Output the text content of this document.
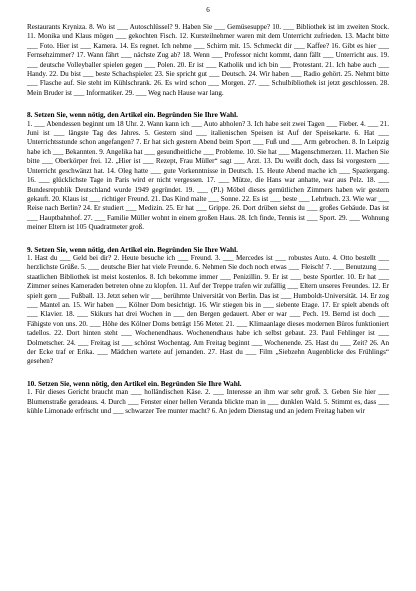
6

Restaurants Kryniza. 8. Wo ist ___ Autoschlüssel? 9. Haben Sie ___ Gemüsesuppe? 10. ___ Bibliothek ist im zweiten Stock. 11. Monika und Klaus mögen ___ gekochten Fisch. 12. Kursteilnehmer waren mit dem Unterricht zufrieden. 13. Macht bitte ___ Foto. Hier ist ___ Kamera. 14. Es regnet. Ich nehme ___ Schirm mit. 15. Schmeckt dir ___ Kaffee? 16. Gibt es hier ___ Fernsehzimmer? 17. Wann fährt ___ nächste Zug ab? 18. Wenn ___ Professor nicht kommt, dann fällt ___ Unterricht aus. 19. ___ deutsche Volleyballer spielen gegen ___ Polen. 20. Er ist ___ Katholik und ich bin ___ Protestant. 21. Ich habe auch ___ Handy. 22. Du bist ___ beste Schachspieler. 23. Sie spricht gut ___ Deutsch. 24. Wir haben ___ Radio gehört. 25. Nehmt bitte ___ Flasche auf. Sie steht im Kühlschrank. 26. Es wird schon ___ Morgen. 27. ___ Schulbibliothek ist jetzt geschlossen. 28. Mein Bruder ist ___ Informatiker. 29. ___ Weg nach Hause war lang.

8. Setzen Sie, wenn nötig, den Artikel ein. Begründen Sie Ihre Wahl.

1. ___ Abendessen beginnt um 18 Uhr. 2. Wann kann ich ___ Auto abholen? 3. Ich habe seit zwei Tagen ___ Fieber. 4. ___ 21. Juni ist ___ längste Tag des Jahres. 5. Gestern sind ___ italienischen Speisen ist Auf der Speisekarte. 6. Hat ___ Unterrichtsstunde schon angefangen? 7. Er hat sich gestern Abend beim Sport ___ Fuß und ___ Arm gebrochen. 8. In Leipzig habe ich ___ Bekannten. 9. Angelika hat ___ gesundheitliche ___ Probleme. 10. Sie hat ___ Magenschmerzen. 11. Machen Sie bitte ___ Oberkörper frei. 12. „Hier ist ___ Rezept, Frau Müller“ sagt ___ Arzt. 13. Du weißt doch, dass Isi vorgestern ___ Unterricht geschwänzt hat. 14. Oleg hatte ___ gute Vorkenntnisse in Deutsch. 15. Heute Abend mache ich ___ Spaziergang. 16. ___ glücklichste Tage in Paris wird er nicht vergessen. 17. ___ Mütze, die Hans war anhatte, war aus Pelz. 18. ___ Bundesrepublik Deutschland wurde 1949 gegründet. 19. ___ (Pl.) Möbel dieses gemütlichen Zimmers haben wir gestern gekauft. 20. Klaus ist ___ richtiger Freund. 21. Das Kind malte ___ Sonne. 22. Es ist ___ beste ___ Lehrbuch. 23. Wie war ___ Reise nach Berlin? 24. Er studiert ___ Medizin. 25. Er hat ___ Grippe. 26. Dort drüben siehst du ___ großes Gebäude. Das ist ___ Hauptbahnhof. 27. ___ Familie Müller wohnt in einem großen Haus. 28. Ich finde, Tennis ist ___ Sport. 29. ___ Wohnung meiner Eltern ist 105 Quadratmeter groß.

9. Setzen Sie, wenn nötig, den Artikel ein. Begründen Sie Ihre Wahl.

1. Hast du ___ Geld bei dir? 2. Heute besuche ich ___ Freund. 3. ___ Mercedes ist ___ robustes Auto. 4. Otto bestellt ___ herzlichste Grüße. 5. ___ deutsche Bier hat viele Freunde. 6. Nehmen Sie doch noch etwas ___ Fleisch! 7. ___ Benutzung ___ staatlichen Bibliothek ist meist kostenlos. 8. Ich bekomme immer ___ Penizillin. 9. Er ist ___ beste Sportler. 10. Er hat ___ Zimmer seines Kameraden betreten ohne zu klopfen. 11. Auf der Treppe trafen wir zufällig ___ Eltern unseres Freundes. 12. Er spielt gern ___ Fußball. 13. Jetzt sehen wir ___ berühmte Universität von Berlin. Das ist ___ Humboldt-Universität. 14. Er zog ___ Mantel an. 15. Wir haben ___ Kölner Dom besichtigt. 16. Wir stiegen bis in ___ siebente Etage. 17. Er spielt abends oft ___ Klavier. 18. ___ Skikurs hat drei Wochen in ___ den Bergen gedauert. Aber er war ___ Pech. 19. Bernd ist doch ___ Fähigste von uns. 20. ___ Höhe des Kölner Doms beträgt 156 Meter. 21. ___ Klimaanlage dieses modernen Büros funktioniert tadellos. 22. Dort hinten steht ___ Wochenendhaus. Wochenendhaus habe ich selbst gebaut. 23. Paul Fehlinger ist ___ Dolmetscher. 24. ___ Freitag ist ___ schönst Wochentag. Am Freitag beginnt ___ Wochenende. 25. Hast du ___ Zeit? 26. An der Ecke traf er Erika. ___ Mädchen wartete auf jemanden. 27. Hast du ___ Film „Siebzehn Augenblicke des Frühlings“ gesehen?

10. Setzen Sie, wenn nötig, den Artikel ein. Begründen Sie Ihre Wahl.

1. Für dieses Gericht braucht man ___ holländischen Käse. 2. ___ Interesse an ihm war sehr groß. 3. Geben Sie hier ___ Blumenstraße geradeaus. 4. Durch ___ Fenster einer hellen Veranda blickte man in ___ dunklen Wald. 5. Stimmt es, dass ___ kühle Limonade erfrischt und ___ schwarzer Tee munter macht? 6. An jedem Dienstag und an jedem Freitag haben wir
